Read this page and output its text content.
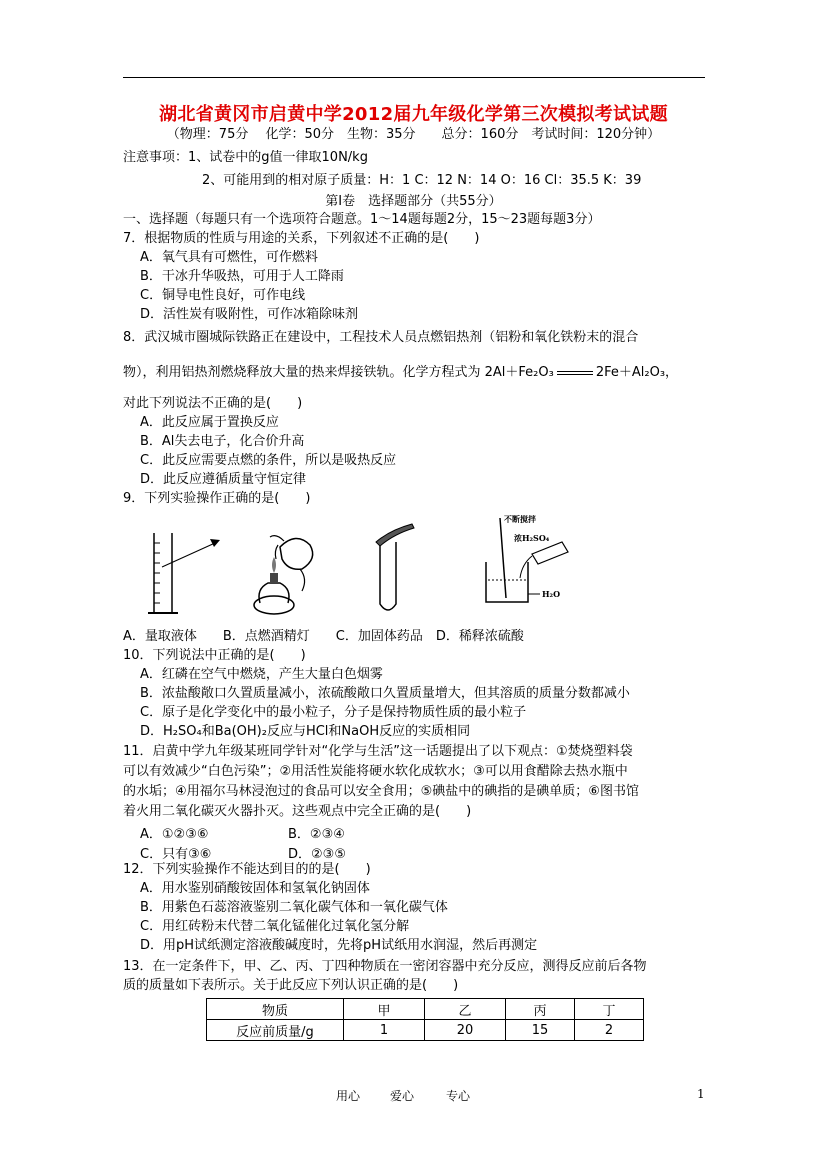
湖北省黄冈市启黄中学2012届九年级化学第三次模拟考试试题
（物理：75分　 化学：50分　生物：35分　　总分：160分　考试时间：120分钟）
注意事项：1、试卷中的g值一律取10N/kg
2、可能用到的相对原子质量：H：1 C：12 N：14 O：16 Cl：35.5 K：39
第Ⅰ卷　选择题部分（共55分）
一、选择题（每题只有一个选项符合题意。1～14题每题2分，15～23题每题3分）
7．根据物质的性质与用途的关系，下列叙述不正确的是(　　)
A．氧气具有可燃性，可作燃料
B．干冰升华吸热，可用于人工降雨
C．铜导电性良好，可作电线
D．活性炭有吸附性，可作冰箱除味剂
8．武汉城市圈城际铁路正在建设中，工程技术人员点燃铝热剂（铝粉和氧化铁粉末的混合
物），利用铝热剂燃烧释放大量的热来焊接铁轨。化学方程式为 2Al＋Fe₂O₃	2Fe＋Al₂O₃，
对此下列说法不正确的是(　　)
A．此反应属于置换反应
B．Al失去电子，化合价升高
C．此反应需要点燃的条件，所以是吸热反应
D．此反应遵循质量守恒定律
9．下列实验操作正确的是(　　)
不断搅拌
浓H₂SO₄
H₂O
A．量取液体　　B．点燃酒精灯　　C．加固体药品　D．稀释浓硫酸
10．下列说法中正确的是(　　)
A．红磷在空气中燃烧，产生大量白色烟雾
B．浓盐酸敞口久置质量减小，浓硫酸敞口久置质量增大，但其溶质的质量分数都减小
C．原子是化学变化中的最小粒子，分子是保持物质性质的最小粒子
D．H₂SO₄和Ba(OH)₂反应与HCl和NaOH反应的实质相同
11．启黄中学九年级某班同学针对“化学与生活”这一话题提出了以下观点：①焚烧塑料袋
可以有效减少“白色污染”；②用活性炭能将硬水软化成软水；③可以用食醋除去热水瓶中
的水垢；④用福尔马林浸泡过的食品可以安全食用；⑤碘盐中的碘指的是碘单质；⑥图书馆
着火用二氧化碳灭火器扑灭。这些观点中完全正确的是(　　)
A．①②③⑥	B．②③④
C．只有③⑥	D．②③⑤
12．下列实验操作不能达到目的的是(　　)
A．用水鉴别硝酸铵固体和氢氧化钠固体
B．用紫色石蕊溶液鉴别二氧化碳气体和一氧化碳气体
C．用红砖粉末代替二氧化锰催化过氧化氢分解
D．用pH试纸测定溶液酸碱度时，先将pH试纸用水润湿，然后再测定
13．在一定条件下，甲、乙、丙、丁四种物质在一密闭容器中充分反应，测得反应前后各物
质的质量如下表所示。关于此反应下列认识正确的是(　　)
物质	甲	乙	丙	丁
反应前质量/g	1	20	15	2
用心 爱心	专心	1
